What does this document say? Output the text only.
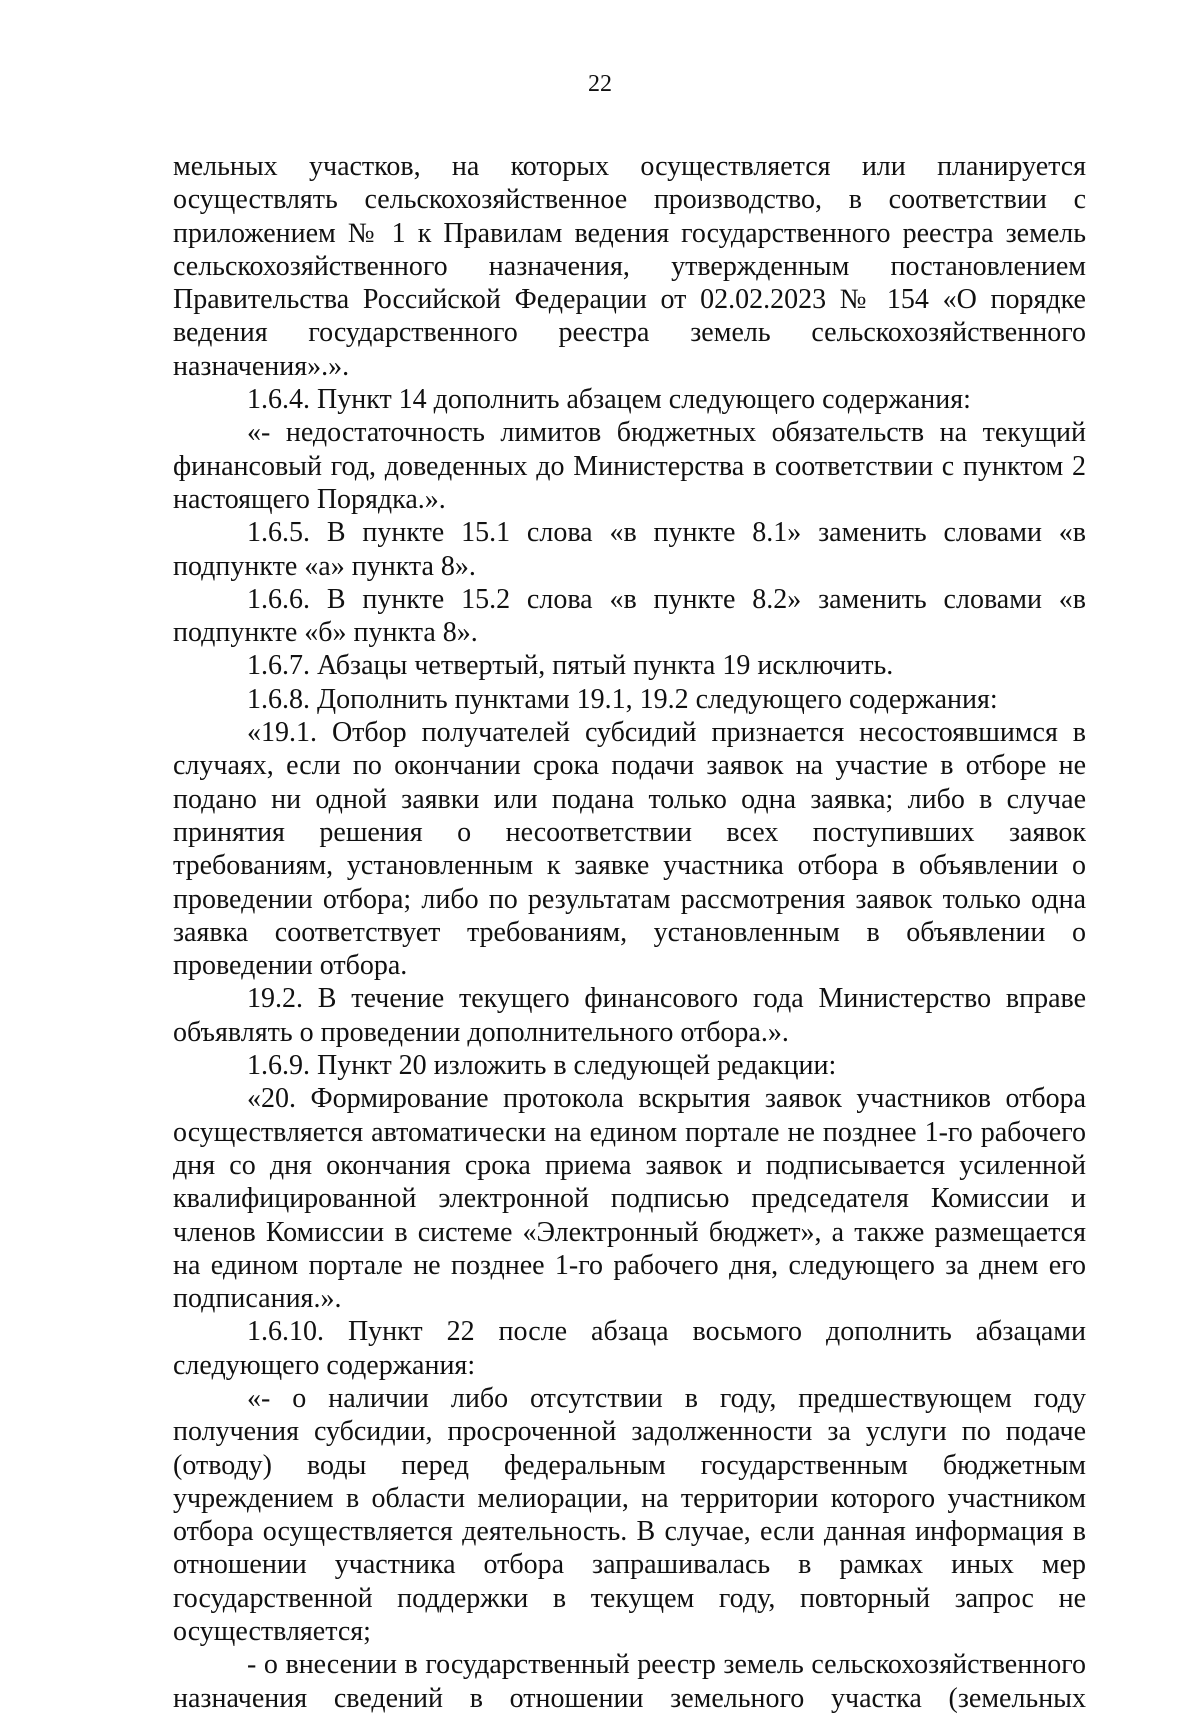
22

мельных участков, на которых осуществляется или планируется осуществлять сельскохозяйственное производство, в соответствии с приложением № 1 к Правилам ведения государственного реестра земель сельскохозяйственного назначения, утвержденным постановлением Правительства Российской Федерации от 02.02.2023 № 154 «О порядке ведения государственного реестра земель сельскохозяйственного назначения».».

1.6.4. Пункт 14 дополнить абзацем следующего содержания:

«- недостаточность лимитов бюджетных обязательств на текущий финансовый год, доведенных до Министерства в соответствии с пунктом 2 настоящего Порядка.».

1.6.5. В пункте 15.1 слова «в пункте 8.1» заменить словами «в подпункте «а» пункта 8».

1.6.6. В пункте 15.2 слова «в пункте 8.2» заменить словами «в подпункте «б» пункта 8».

1.6.7. Абзацы четвертый, пятый пункта 19 исключить.

1.6.8. Дополнить пунктами 19.1, 19.2 следующего содержания:

«19.1. Отбор получателей субсидий признается несостоявшимся в случаях, если по окончании срока подачи заявок на участие в отборе не подано ни одной заявки или подана только одна заявка; либо в случае принятия решения о несоответствии всех поступивших заявок требованиям, установленным к заявке участника отбора в объявлении о проведении отбора; либо по результатам рассмотрения заявок только одна заявка соответствует требованиям, установленным в объявлении о проведении отбора.

19.2. В течение текущего финансового года Министерство вправе объявлять о проведении дополнительного отбора.».

1.6.9. Пункт 20 изложить в следующей редакции:

«20. Формирование протокола вскрытия заявок участников отбора осуществляется автоматически на едином портале не позднее 1-го рабочего дня со дня окончания срока приема заявок и подписывается усиленной квалифицированной электронной подписью председателя Комиссии и членов Комиссии в системе «Электронный бюджет», а также размещается на едином портале не позднее 1-го рабочего дня, следующего за днем его подписания.».

1.6.10. Пункт 22 после абзаца восьмого дополнить абзацами следующего содержания:

«- о наличии либо отсутствии в году, предшествующем году получения субсидии, просроченной задолженности за услуги по подаче (отводу) воды перед федеральным государственным бюджетным учреждением в области мелиорации, на территории которого участником отбора осуществляется деятельность. В случае, если данная информация в отношении участника отбора запрашивалась в рамках иных мер государственной поддержки в текущем году, повторный запрос не осуществляется;

- о внесении в государственный реестр земель сельскохозяйственного назначения сведений в отношении земельного участка (земельных
